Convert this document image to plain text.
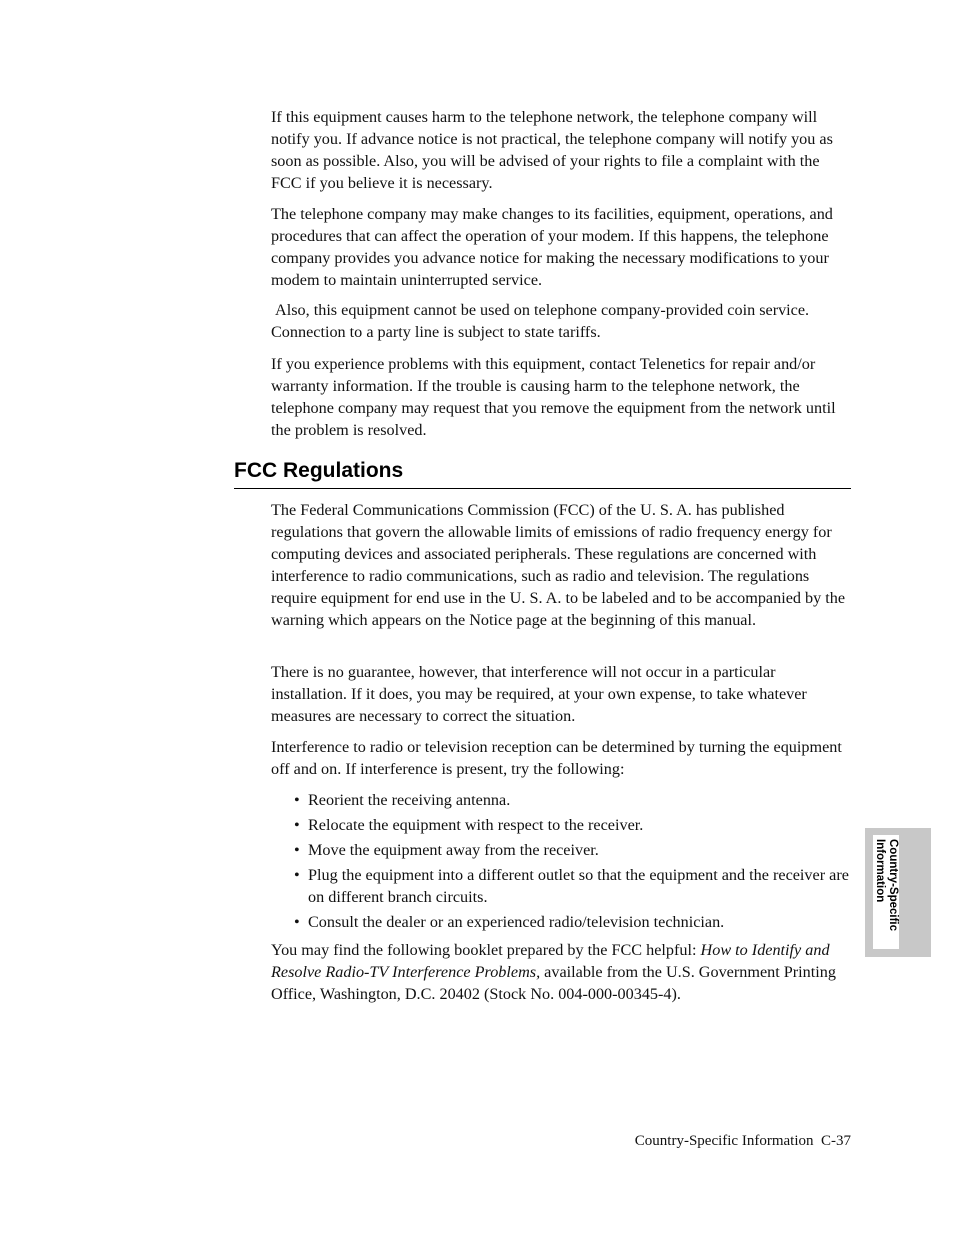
If this equipment causes harm to the telephone network, the telephone company will notify you. If advance notice is not practical, the telephone company will notify you as soon as possible. Also, you will be advised of your rights to file a complaint with the FCC if you believe it is necessary.

The telephone company may make changes to its facilities, equipment, operations, and procedures that can affect the operation of your modem. If this happens, the telephone company provides you advance notice for making the necessary modifications to your modem to maintain uninterrupted service.

Also, this equipment cannot be used on telephone company-provided coin service. Connection to a party line is subject to state tariffs.

If you experience problems with this equipment, contact Telenetics for repair and/or warranty information. If the trouble is causing harm to the telephone network, the telephone company may request that you remove the equipment from the network until the problem is resolved.

FCC Regulations

The Federal Communications Commission (FCC) of the U. S. A. has published regulations that govern the allowable limits of emissions of radio frequency energy for computing devices and associated peripherals. These regulations are concerned with interference to radio communications, such as radio and television. The regulations require equipment for end use in the U. S. A. to be labeled and to be accompanied by the warning which appears on the Notice page at the beginning of this manual.

There is no guarantee, however, that interference will not occur in a particular installation. If it does, you may be required, at your own expense, to take whatever measures are necessary to correct the situation.

Interference to radio or television reception can be determined by turning the equipment off and on. If interference is present, try the following:

• Reorient the receiving antenna.
• Relocate the equipment with respect to the receiver.
• Move the equipment away from the receiver.
• Plug the equipment into a different outlet so that the equipment and the receiver are on different branch circuits.
• Consult the dealer or an experienced radio/television technician.

You may find the following booklet prepared by the FCC helpful: How to Identify and Resolve Radio-TV Interference Problems, available from the U.S. Government Printing Office, Washington, D.C. 20402 (Stock No. 004-000-00345-4).

Country-Specific
Information

Country-Specific Information  C-37
